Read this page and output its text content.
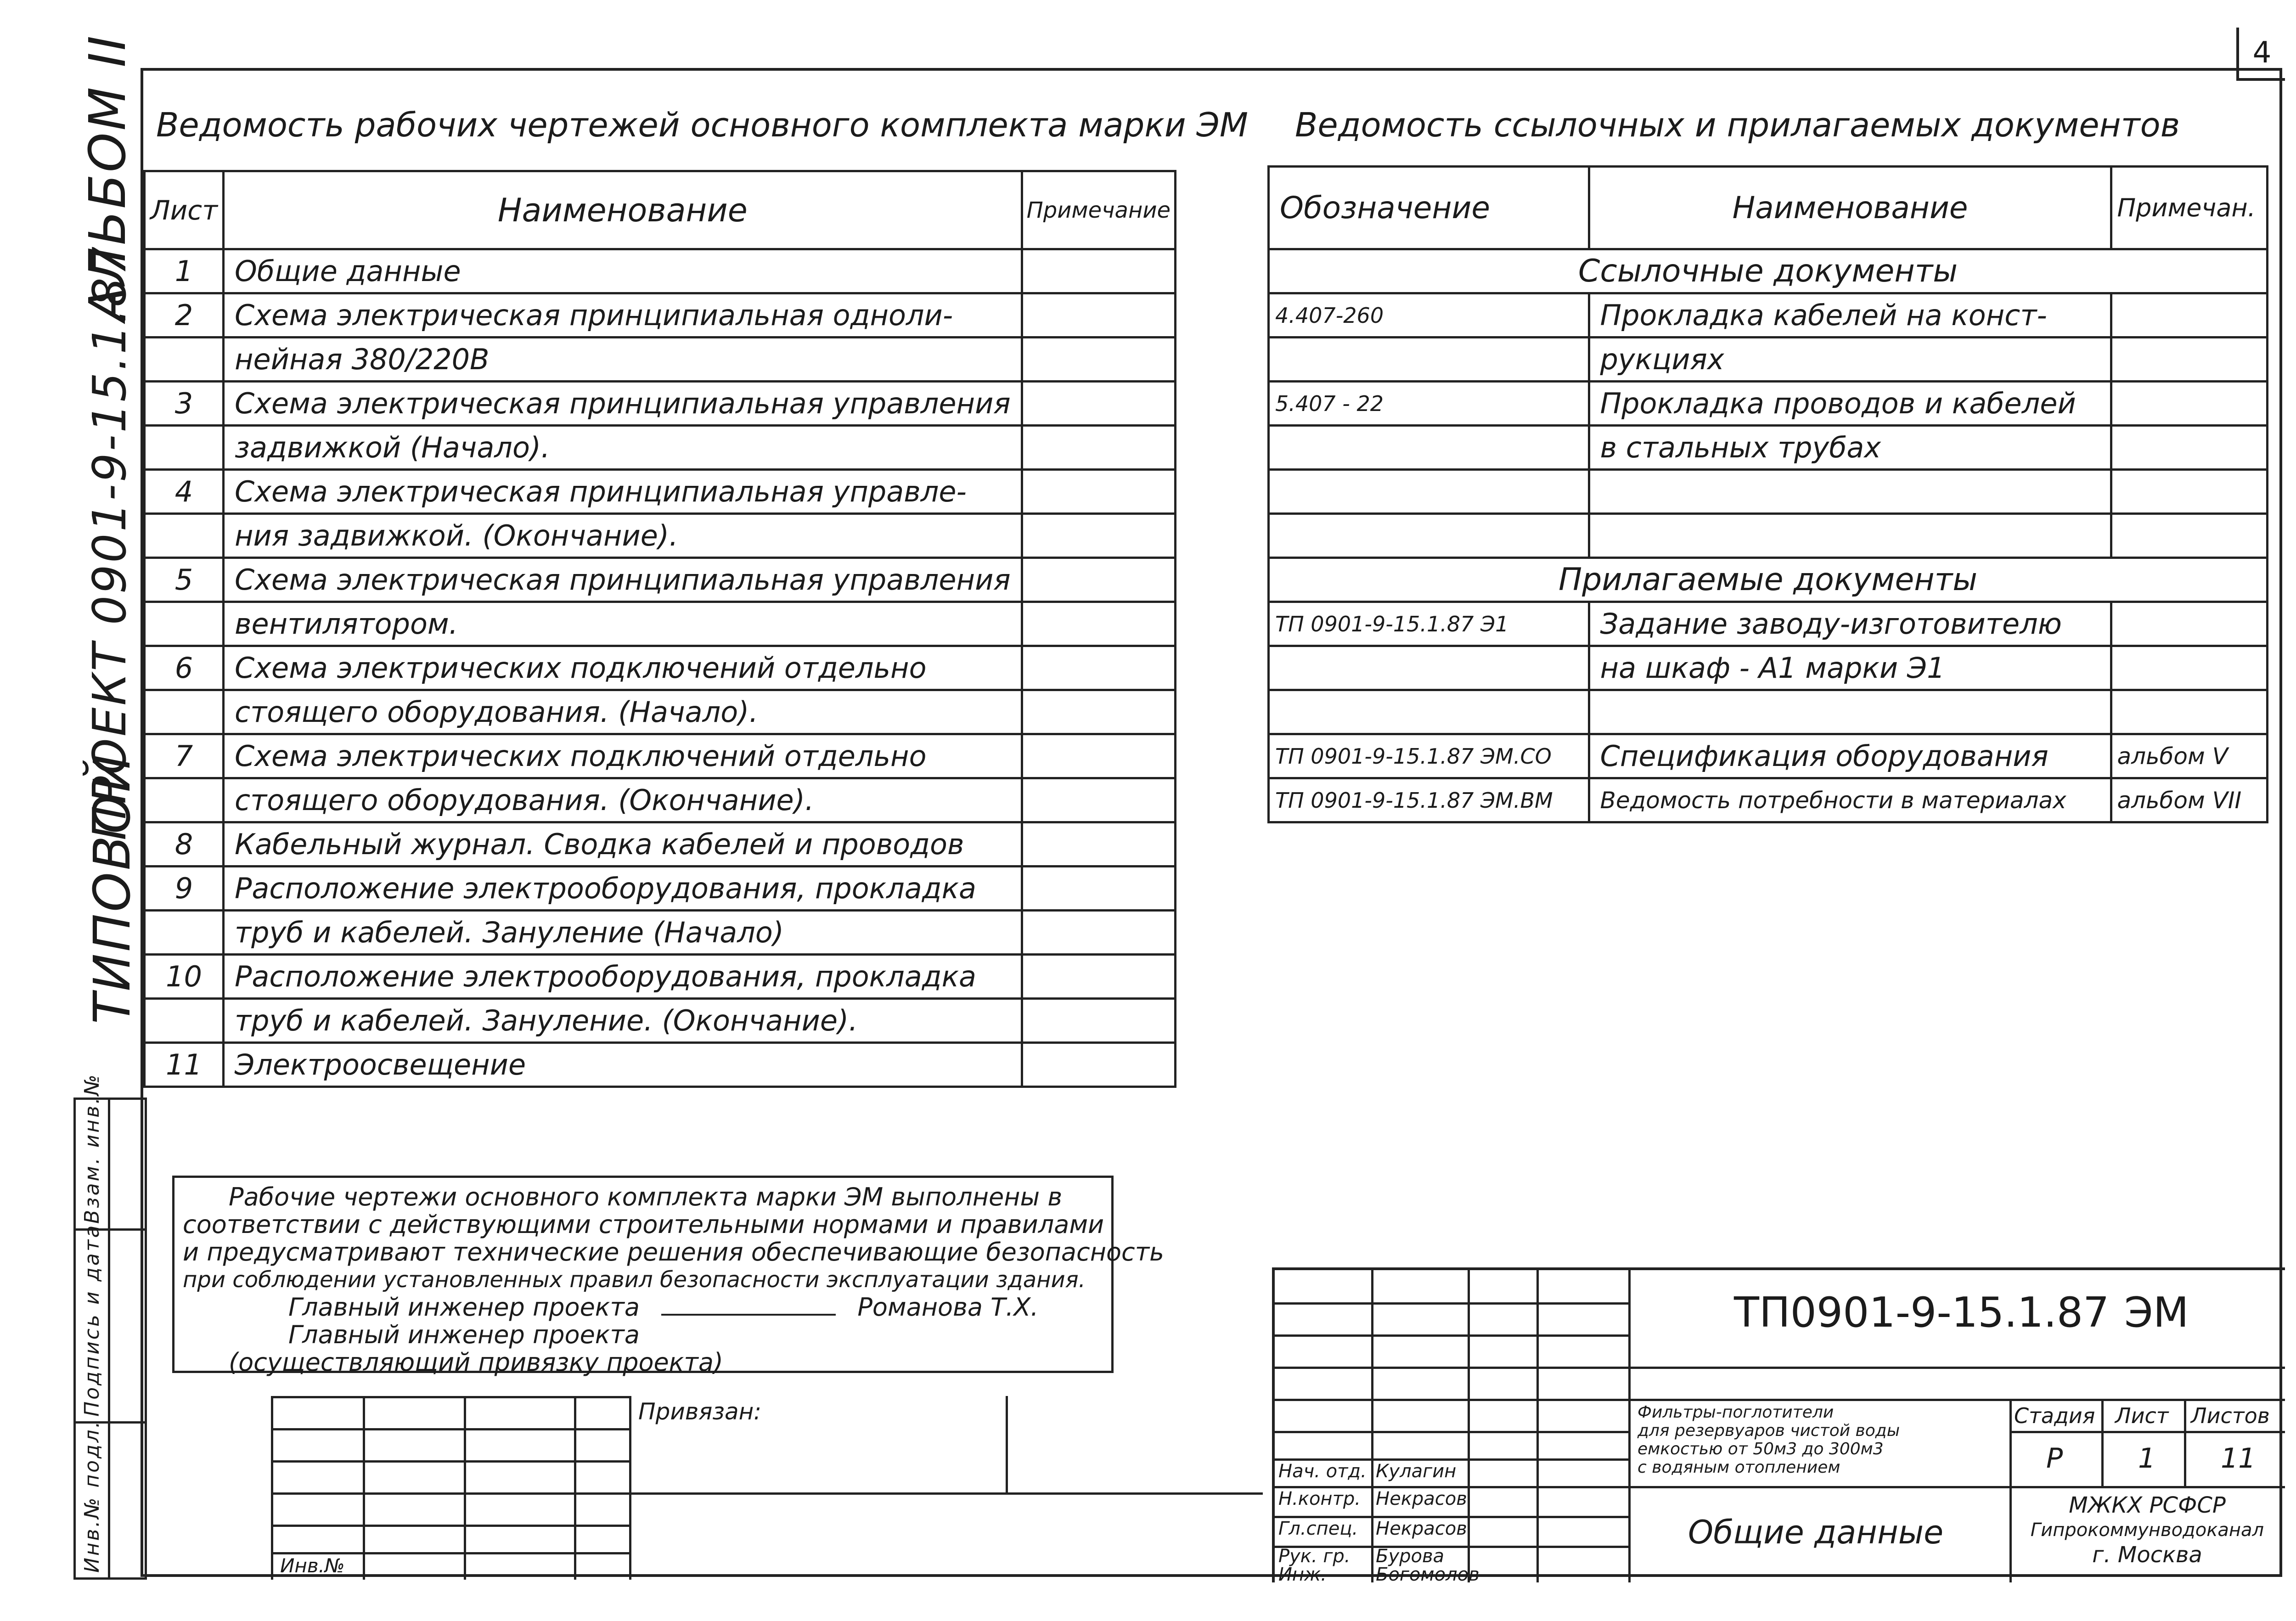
4
АЛЬБОМ II
ПРОЕКТ 0901-9-15.1.87
ТИПОВОЙ
Взам. инв.№
Подпись и дата
Инв.№ подл.
Ведомость рабочих чертежей основного комплекта марки ЭМ
Лист	Наименование	Примечание
1	Общие данные	
2	Схема электрическая принципиальная одноли-	
	нейная 380/220В	
3	Схема электрическая принципиальная управления	
	задвижкой (Начало).	
4	Схема электрическая принципиальная управле-	
	ния задвижкой. (Окончание).	
5	Схема электрическая принципиальная управления	
	вентилятором.	
6	Схема электрических подключений отдельно	
	стоящего оборудования. (Начало).	
7	Схема электрических подключений отдельно	
	стоящего оборудования. (Окончание).	
8	Кабельный журнал. Сводка кабелей и проводов	
9	Расположение электрооборудования, прокладка	
	труб и кабелей. Зануление (Начало)	
10	Расположение электрооборудования, прокладка	
	труб и кабелей. Зануление. (Окончание).	
11	Электроосвещение	
Ведомость ссылочных и прилагаемых документов
Обозначение	Наименование	Примечан.
Ссылочные документы		
4.407-260	Прокладка кабелей на конст-	
	рукциях	
5.407 - 22	Прокладка проводов и кабелей	
	в стальных трубах	

Прилагаемые документы		
ТП 0901-9-15.1.87 Э1	Задание заводу-изготовителю	
	на шкаф - А1 марки Э1	

ТП 0901-9-15.1.87 ЭМ.СО	Спецификация оборудования	альбом V
ТП 0901-9-15.1.87 ЭМ.ВМ	Ведомость потребности в материалах	альбом VII
Рабочие чертежи основного комплекта марки ЭМ выполнены в
соответствии с действующими строительными нормами и правилами
и предусматривают технические решения обеспечивающие безопасность
при соблюдении установленных правил безопасности эксплуатации здания.
Главный инженер проекта	Романова Т.Х.
Главный инженер проекта
(осуществляющий привязку проекта)
Привязан:
Инв.№
ТП0901-9-15.1.87 ЭМ
Фильтры-поглотители
для резервуаров чистой воды
емкостью от 50м3 до 300м3
с водяным отоплением
Стадия Лист Листов
Р	1 11
Общие данные
МЖКХ РСФСР
Гипрокоммунводоканал
г. Москва
Нач. отд. Кулагин
Н.контр. Некрасов
Гл.спец. Некрасов
Рук. гр. Бурова
Инж.	Богомолов
